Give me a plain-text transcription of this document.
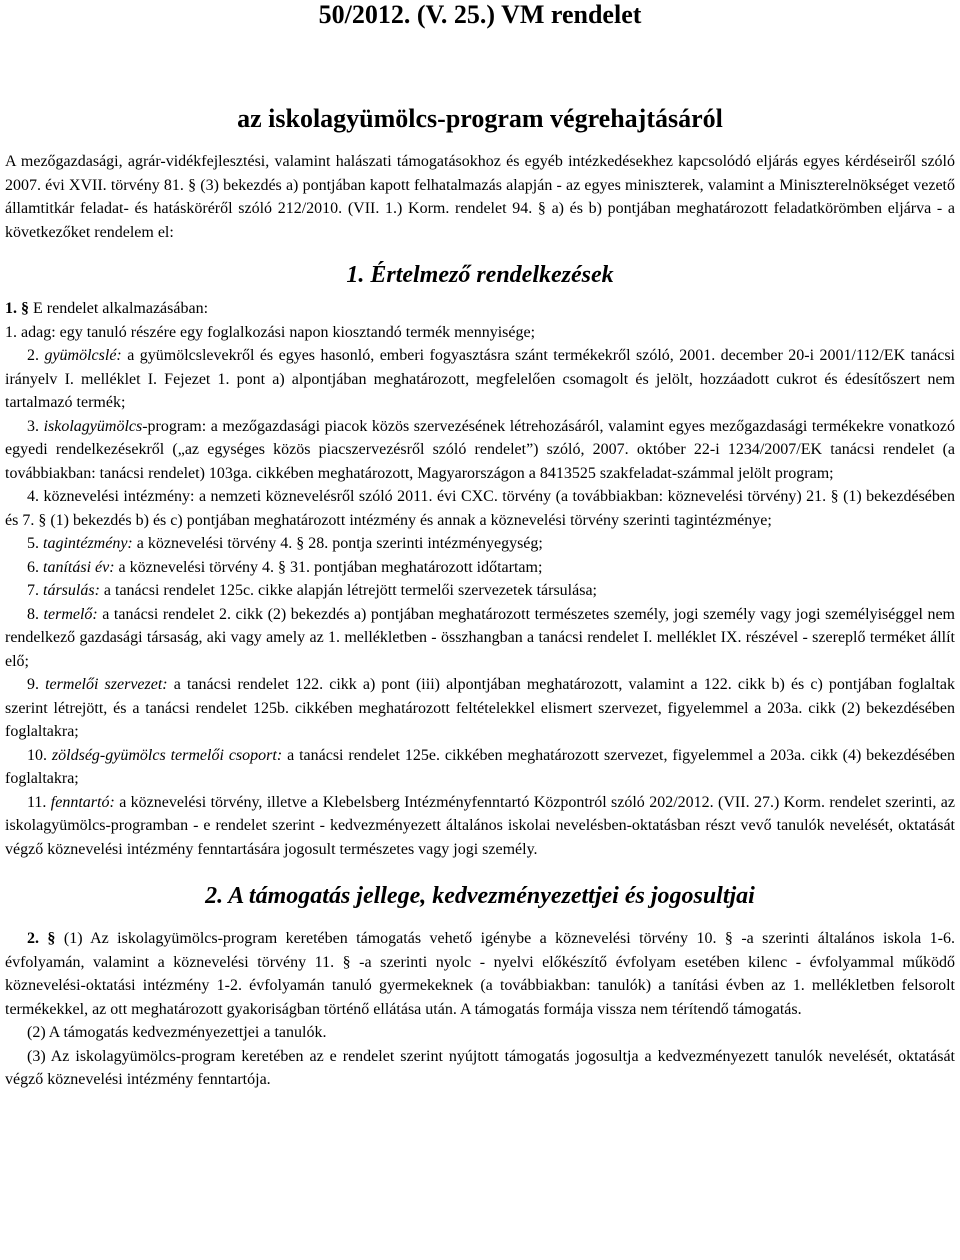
50/2012. (V. 25.) VM rendelet
az iskolagyümölcs-program végrehajtásáról

A mezőgazdasági, agrár-vidékfejlesztési, valamint halászati támogatásokhoz és egyéb intézkedésekhez kapcsolódó eljárás egyes kérdéseiről szóló 2007. évi XVII. törvény 81. § (3) bekezdés a) pontjában kapott felhatalmazás alapján - az egyes miniszterek, valamint a Miniszterelnökséget vezető államtitkár feladat- és hatásköréről szóló 212/2010. (VII. 1.) Korm. rendelet 94. § a) és b) pontjában meghatározott feladatkörömben eljárva - a következőket rendelem el:

1. Értelmező rendelkezések

1. § E rendelet alkalmazásában:

1. adag: egy tanuló részére egy foglalkozási napon kiosztandó termék mennyisége;

2. gyümölcslé: a gyümölcslevekről és egyes hasonló, emberi fogyasztásra szánt termékekről szóló, 2001. december 20-i 2001/112/EK tanácsi irányelv I. melléklet I. Fejezet 1. pont a) alpontjában meghatározott, megfelelően csomagolt és jelölt, hozzáadott cukrot és édesítőszert nem tartalmazó termék;

3. iskolagyümölcs-program: a mezőgazdasági piacok közös szervezésének létrehozásáról, valamint egyes mezőgazdasági termékekre vonatkozó egyedi rendelkezésekről („az egységes közös piacszervezésről szóló rendelet”) szóló, 2007. október 22-i 1234/2007/EK tanácsi rendelet (a továbbiakban: tanácsi rendelet) 103ga. cikkében meghatározott, Magyarországon a 8413525 szakfeladat-számmal jelölt program;

4. köznevelési intézmény: a nemzeti köznevelésről szóló 2011. évi CXC. törvény (a továbbiakban: köznevelési törvény) 21. § (1) bekezdésében és 7. § (1) bekezdés b) és c) pontjában meghatározott intézmény és annak a köznevelési törvény szerinti tagintézménye;

5. tagintézmény: a köznevelési törvény 4. § 28. pontja szerinti intézményegység;

6. tanítási év: a köznevelési törvény 4. § 31. pontjában meghatározott időtartam;

7. társulás: a tanácsi rendelet 125c. cikke alapján létrejött termelői szervezetek társulása;

8. termelő: a tanácsi rendelet 2. cikk (2) bekezdés a) pontjában meghatározott természetes személy, jogi személy vagy jogi személyiséggel nem rendelkező gazdasági társaság, aki vagy amely az 1. mellékletben - összhangban a tanácsi rendelet I. melléklet IX. részével - szereplő terméket állít elő;

9. termelői szervezet: a tanácsi rendelet 122. cikk a) pont (iii) alpontjában meghatározott, valamint a 122. cikk b) és c) pontjában foglaltak szerint létrejött, és a tanácsi rendelet 125b. cikkében meghatározott feltételekkel elismert szervezet, figyelemmel a 203a. cikk (2) bekezdésében foglaltakra;

10. zöldség-gyümölcs termelői csoport: a tanácsi rendelet 125e. cikkében meghatározott szervezet, figyelemmel a 203a. cikk (4) bekezdésében foglaltakra;

11. fenntartó: a köznevelési törvény, illetve a Klebelsberg Intézményfenntartó Központról szóló 202/2012. (VII. 27.) Korm. rendelet szerinti, az iskolagyümölcs-programban - e rendelet szerint - kedvezményezett általános iskolai nevelésben-oktatásban részt vevő tanulók nevelését, oktatását végző köznevelési intézmény fenntartására jogosult természetes vagy jogi személy.

2. A támogatás jellege, kedvezményezettjei és jogosultjai

2. § (1) Az iskolagyümölcs-program keretében támogatás vehető igénybe a köznevelési törvény 10. § -a szerinti általános iskola 1-6. évfolyamán, valamint a köznevelési törvény 11. § -a szerinti nyolc - nyelvi előkészítő évfolyam esetében kilenc - évfolyammal működő köznevelési-oktatási intézmény 1-2. évfolyamán tanuló gyermekeknek (a továbbiakban: tanulók) a tanítási évben az 1. mellékletben felsorolt termékekkel, az ott meghatározott gyakoriságban történő ellátása után. A támogatás formája vissza nem térítendő támogatás.

(2) A támogatás kedvezményezettjei a tanulók.

(3) Az iskolagyümölcs-program keretében az e rendelet szerint nyújtott támogatás jogosultja a kedvezményezett tanulók nevelését, oktatását végző köznevelési intézmény fenntartója.
